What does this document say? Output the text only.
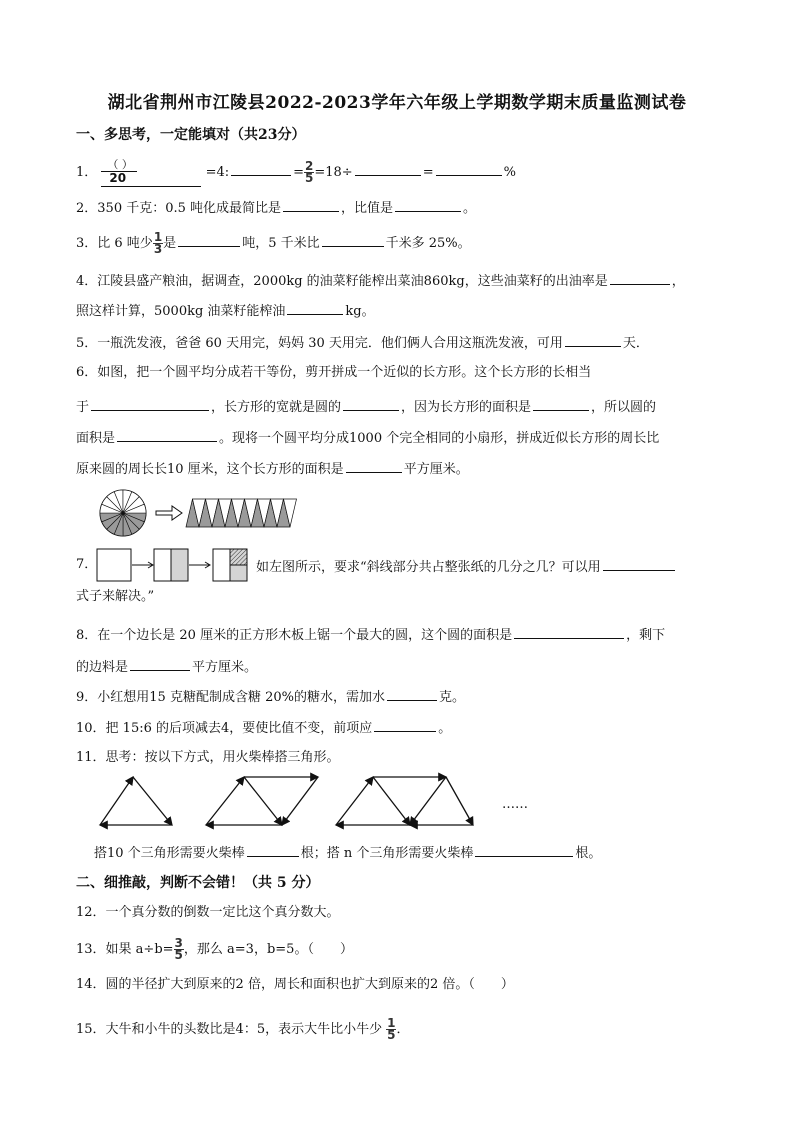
湖北省荆州市江陵县2022-2023学年六年级上学期数学期末质量监测试卷
一、多思考，一定能填对（共23分）
1．
（ ）
20	=4:	= $\frac{2}{5} =18\div$	=	%
2．350 千克：0.5 吨化成最简比是	，比值是	。
3．比 6 吨少 $\frac{1}{3}$ 是	吨，5 千米比	千米多 25%。
4．江陵县盛产粮油，据调查，2000kg 的油菜籽能榨出菜油860kg，这些油菜籽的出油率是	，
照这样计算，5000kg 油菜籽能榨油	kg。
5．一瓶洗发液，爸爸 60 天用完，妈妈 30 天用完．他们俩人合用这瓶洗发液，可用	天．
6．如图，把一个圆平均分成若干等份，剪开拼成一个近似的长方形。这个长方形的长相当
于	，长方形的宽就是圆的	，因为长方形的面积是	，所以圆的
面积是	。现将一个圆平均分成1000 个完全相同的小扇形，拼成近似长方形的周长比
原来圆的周长长10 厘米，这个长方形的面积是	平方厘米。
7．	如左图所示，要求“斜线部分共占整张纸的几分之几？可以用
式子来解决。”
8．在一个边长是 20 厘米的正方形木板上锯一个最大的圆，这个圆的面积是	，剩下
的边料是	平方厘米。
9．小红想用15 克糖配制成含糖 20%的糖水，需加水	克。
10．把 15:6 的后项减去4，要使比值不变，前项应	。
11．思考：按以下方式，用火柴棒搭三角形。
……
搭10 个三角形需要火柴棒	根；搭 n 个三角形需要火柴棒	根。
二、细推敲，判断不会错！（共 5 分）
12．一个真分数的倒数一定比这个真分数大。
13．如果 $a\div b= \frac{3}{5}$ ，那么 a=3，b=5。（　　）
14．圆的半径扩大到原来的2 倍，周长和面积也扩大到原来的2 倍。（　　）
15．大牛和小牛的头数比是4：5，表示大牛比小牛少 $\frac{1}{5}$ ．
